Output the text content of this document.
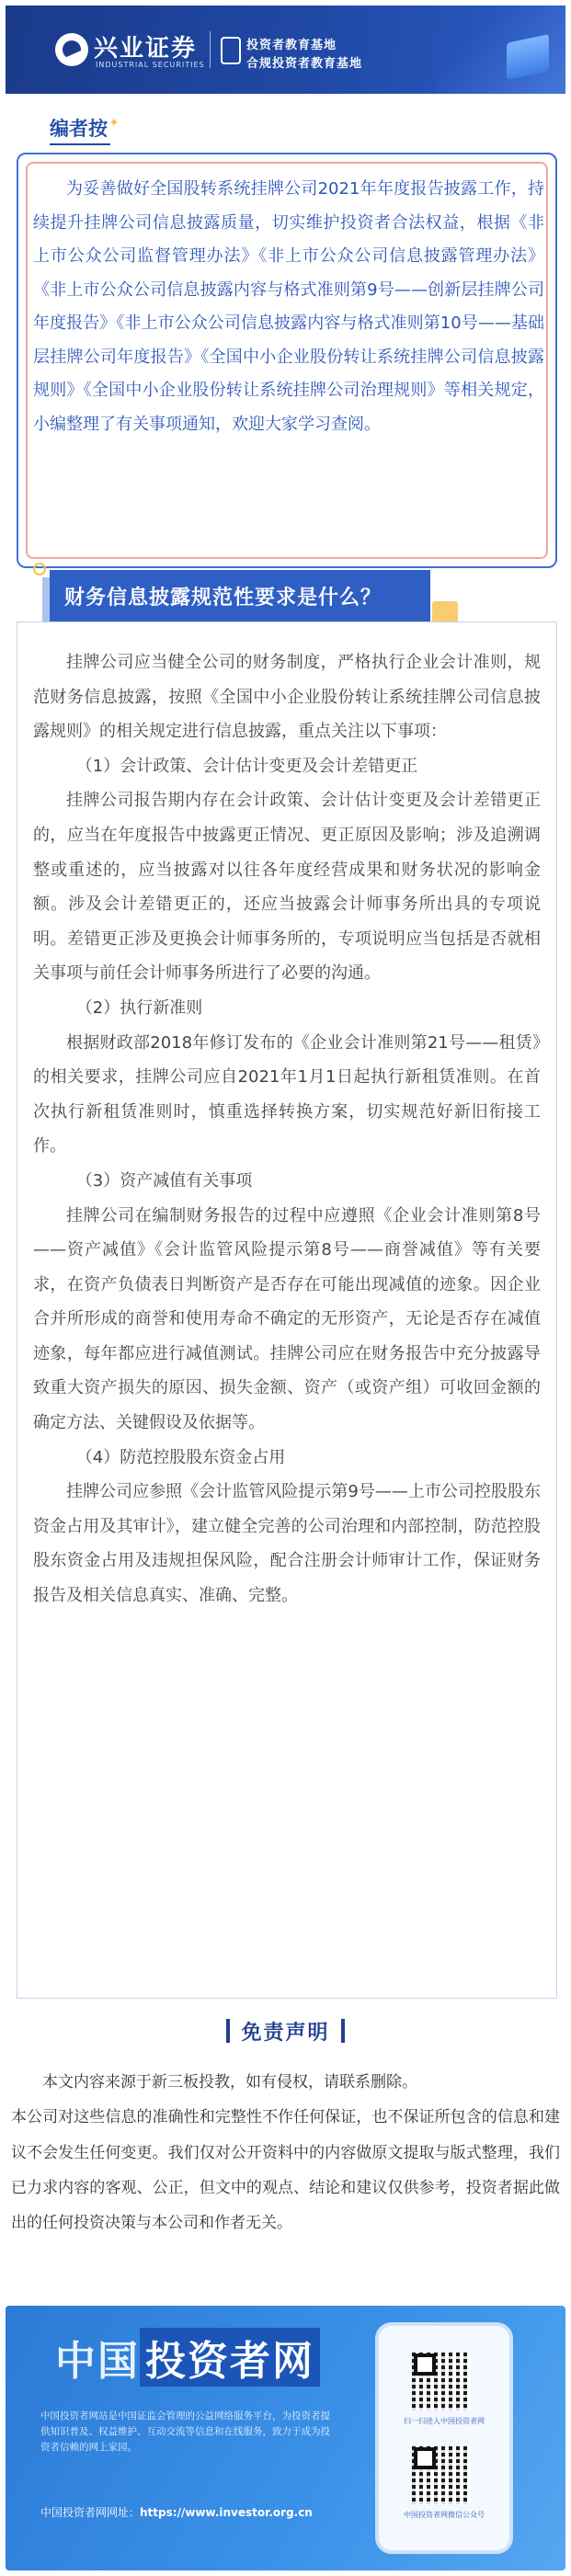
兴业证券
INDUSTRIAL SECURITIES
投资者教育基地
合规投资者教育基地
编者按 ✦
为妥善做好全国股转系统挂牌公司2021年年度报告披露工作，持续提升挂牌公司信息披露质量，切实维护投资者合法权益，根据《非上市公众公司监督管理办法》《非上市公众公司信息披露管理办法》《非上市公众公司信息披露内容与格式准则第9号——创新层挂牌公司年度报告》《非上市公众公司信息披露内容与格式准则第10号——基础层挂牌公司年度报告》《全国中小企业股份转让系统挂牌公司信息披露规则》《全国中小企业股份转让系统挂牌公司治理规则》等相关规定，小编整理了有关事项通知，欢迎大家学习查阅。
财务信息披露规范性要求是什么？

挂牌公司应当健全公司的财务制度，严格执行企业会计准则，规范财务信息披露，按照《全国中小企业股份转让系统挂牌公司信息披露规则》的相关规定进行信息披露，重点关注以下事项：

（1）会计政策、会计估计变更及会计差错更正

挂牌公司报告期内存在会计政策、会计估计变更及会计差错更正的，应当在年度报告中披露更正情况、更正原因及影响；涉及追溯调整或重述的，应当披露对以往各年度经营成果和财务状况的影响金额。涉及会计差错更正的，还应当披露会计师事务所出具的专项说明。差错更正涉及更换会计师事务所的，专项说明应当包括是否就相关事项与前任会计师事务所进行了必要的沟通。

（2）执行新准则

根据财政部2018年修订发布的《企业会计准则第21号——租赁》的相关要求，挂牌公司应自2021年1月1日起执行新租赁准则。在首次执行新租赁准则时，慎重选择转换方案，切实规范好新旧衔接工作。

（3）资产减值有关事项

挂牌公司在编制财务报告的过程中应遵照《企业会计准则第8号——资产减值》《会计监管风险提示第8号——商誉减值》等有关要求，在资产负债表日判断资产是否存在可能出现减值的迹象。因企业合并所形成的商誉和使用寿命不确定的无形资产，无论是否存在减值迹象，每年都应进行减值测试。挂牌公司应在财务报告中充分披露导致重大资产损失的原因、损失金额、资产（或资产组）可收回金额的确定方法、关键假设及依据等。

（4）防范控股股东资金占用

挂牌公司应参照《会计监管风险提示第9号——上市公司控股股东资金占用及其审计》，建立健全完善的公司治理和内部控制，防范控股股东资金占用及违规担保风险，配合注册会计师审计工作，保证财务报告及相关信息真实、准确、完整。

免责声明

本文内容来源于新三板投教，如有侵权，请联系删除。

本公司对这些信息的准确性和完整性不作任何保证，也不保证所包含的信息和建议不会发生任何变更。我们仅对公开资料中的内容做原文提取与版式整理，我们已力求内容的客观、公正，但文中的观点、结论和建议仅供参考，投资者据此做出的任何投资决策与本公司和作者无关。

中国 投资者网
中国投资者网站是中国证监会管理的公益网络服务平台，为投资者提供知识普及、权益维护、互动交流等信息和在线服务，致力于成为投资者信赖的网上家园。
中国投资者网网址：https://www.investor.org.cn
扫一扫进入中国投资者网
中国投资者网微信公众号
